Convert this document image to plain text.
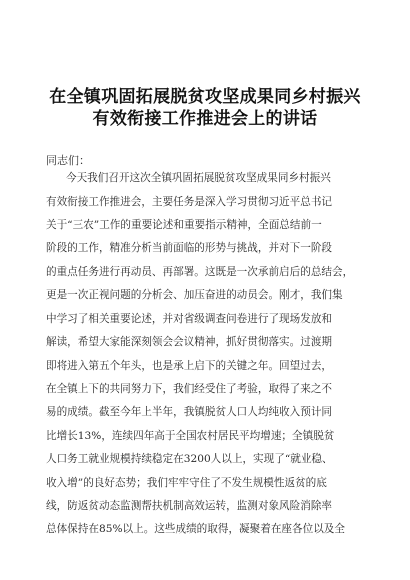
在全镇巩固拓展脱贫攻坚成果同乡村振兴
有效衔接工作推进会上的讲话
同志们：
今天我们召开这次全镇巩固拓展脱贫攻坚成果同乡村振兴
有效衔接工作推进会，主要任务是深入学习贯彻习近平总书记
关于“三农”工作的重要论述和重要指示精神，全面总结前一
阶段的工作，精准分析当前面临的形势与挑战，并对下一阶段
的重点任务进行再动员、再部署。这既是一次承前启后的总结会，
更是一次正视问题的分析会、加压奋进的动员会。刚才，我们集
中学习了相关重要论述，并对省级调查问卷进行了现场发放和
解读，希望大家能深刻领会会议精神，抓好贯彻落实。过渡期
即将进入第五个年头，也是承上启下的关键之年。回望过去，
在全镇上下的共同努力下，我们经受住了考验，取得了来之不
易的成绩。截至今年上半年，我镇脱贫人口人均纯收入预计同
比增长13%，连续四年高于全国农村居民平均增速；全镇脱贫
人口务工就业规模持续稳定在3200人以上，实现了“就业稳、
收入增”的良好态势；我们牢牢守住了不发生规模性返贫的底
线，防返贫动态监测帮扶机制高效运转，监测对象风险消除率
总体保持在85%以上。这些成绩的取得，凝聚着在座各位以及全
